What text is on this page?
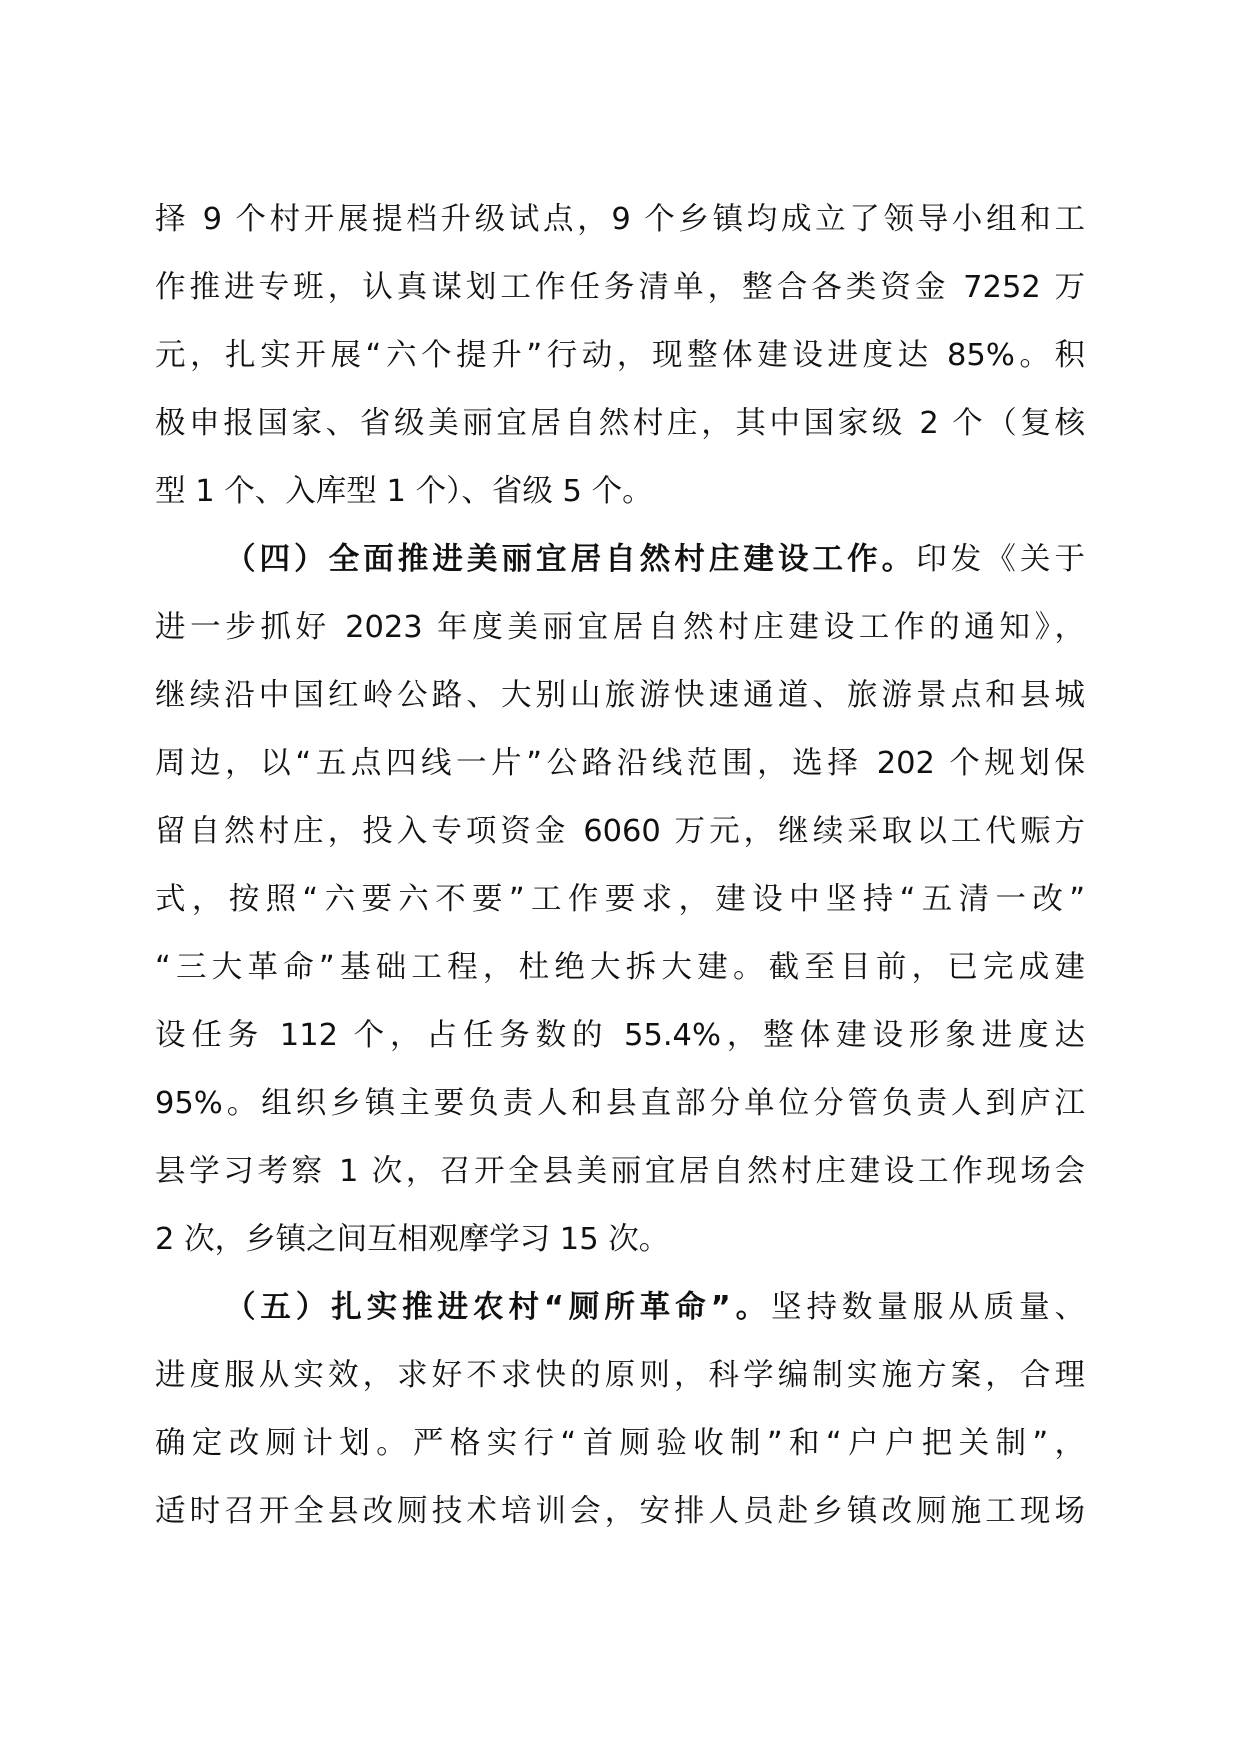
择 9 个村开展提档升级试点，9 个乡镇均成立了领导小组和工
作推进专班，认真谋划工作任务清单，整合各类资金 7252 万
元，扎实开展“六个提升”行动，现整体建设进度达 85%。积
极申报国家、省级美丽宜居自然村庄，其中国家级 2 个（复核
型 1 个、入库型 1 个）、省级 5 个。
（四）全面推进美丽宜居自然村庄建设工作。印发《关于
进一步抓好 2023 年度美丽宜居自然村庄建设工作的通知》，
继续沿中国红岭公路、大别山旅游快速通道、旅游景点和县城
周边，以“五点四线一片”公路沿线范围，选择 202 个规划保
留自然村庄，投入专项资金 6060 万元，继续采取以工代赈方
式，按照“六要六不要”工作要求，建设中坚持“五清一改”
“三大革命”基础工程，杜绝大拆大建。截至目前，已完成建
设任务 112 个，占任务数的 55.4%，整体建设形象进度达
95%。组织乡镇主要负责人和县直部分单位分管负责人到庐江
县学习考察 1 次，召开全县美丽宜居自然村庄建设工作现场会
2 次，乡镇之间互相观摩学习 15 次。
（五）扎实推进农村“厕所革命”。坚持数量服从质量、
进度服从实效，求好不求快的原则，科学编制实施方案，合理
确定改厕计划。严格实行“首厕验收制”和“户户把关制”，
适时召开全县改厕技术培训会，安排人员赴乡镇改厕施工现场
